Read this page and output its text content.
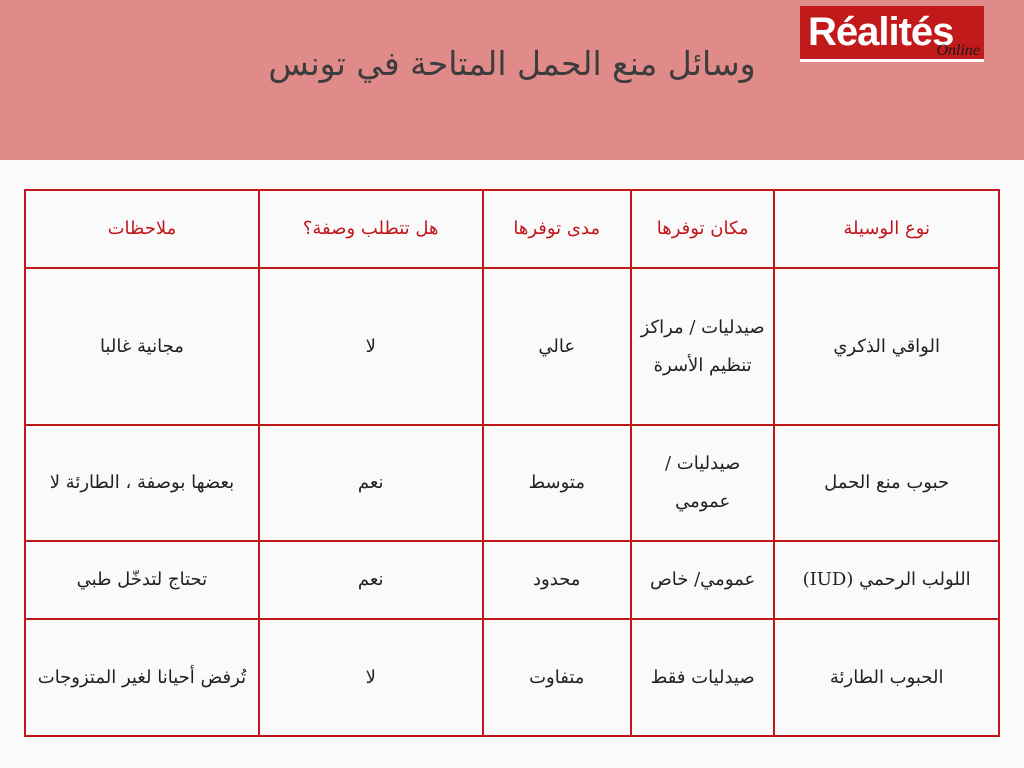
وسائل منع الحمل المتاحة في تونس
Réalités
Online
نوع الوسيلة	مكان توفرها	مدى توفرها	هل تتطلب وصفة؟	ملاحظات
الواقي الذكري	صيدليات / مراكز تنظيم الأسرة	عالي	لا	مجانية غالبا
حبوب منع الحمل	صيدليات / عمومي	متوسط	نعم	بعضها بوصفة ، الطارئة لا
اللولب الرحمي (IUD)	عمومي/ خاص	محدود	نعم	تحتاج لتدخّل طبي
الحبوب الطارئة	صيدليات فقط	متفاوت	لا	تُرفض أحيانا لغير المتزوجات
